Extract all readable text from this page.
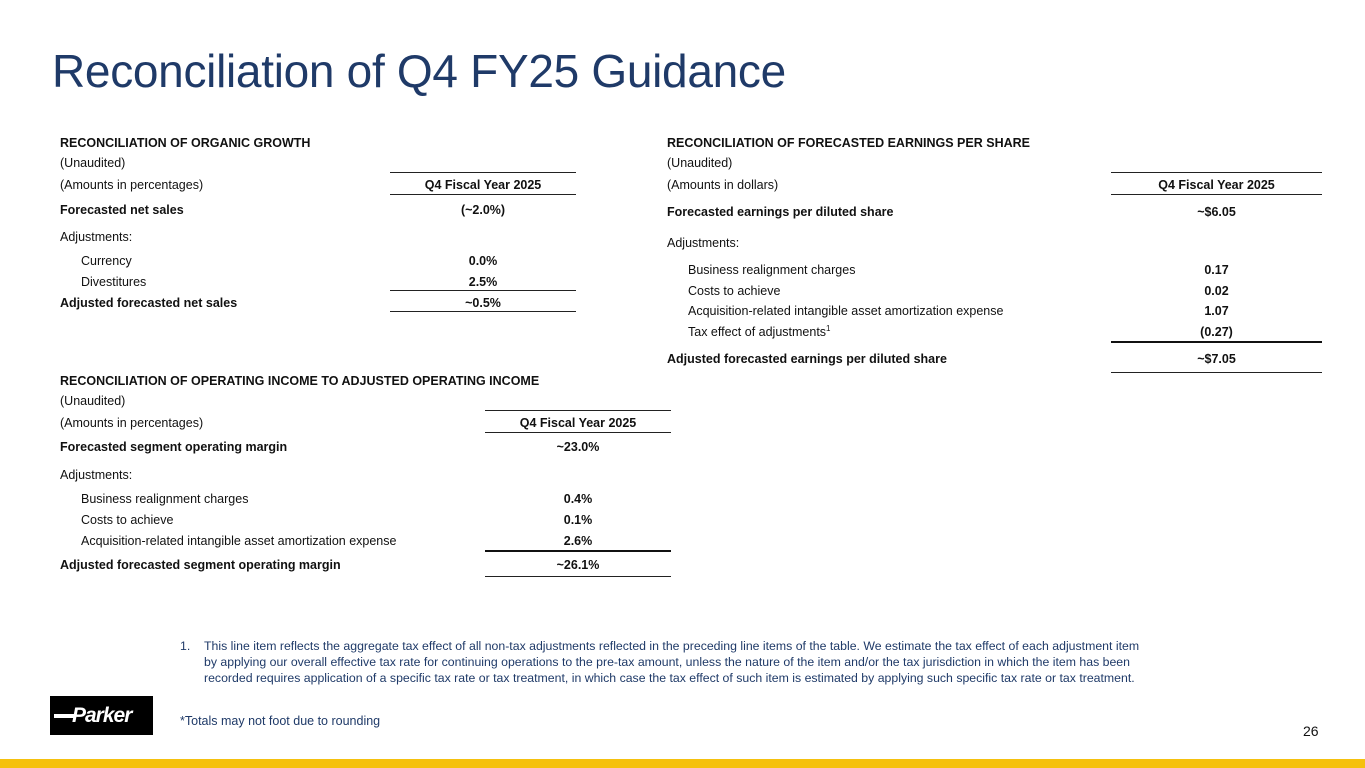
Reconciliation of Q4 FY25 Guidance
RECONCILIATION OF ORGANIC GROWTH
(Unaudited)
(Amounts in percentages)	Q4 Fiscal Year 2025
Forecasted net sales	(~2.0%)
Adjustments:
Currency	0.0%
Divestitures	2.5%
Adjusted forecasted net sales	~0.5%
RECONCILIATION OF OPERATING INCOME TO ADJUSTED OPERATING INCOME
(Unaudited)
(Amounts in percentages)	Q4 Fiscal Year 2025
Forecasted segment operating margin	~23.0%
Adjustments:
Business realignment charges	0.4%
Costs to achieve	0.1%
Acquisition-related intangible asset amortization expense	2.6%
Adjusted forecasted segment operating margin	~26.1%
RECONCILIATION OF FORECASTED EARNINGS PER SHARE
(Unaudited)
(Amounts in dollars)	Q4 Fiscal Year 2025
Forecasted earnings per diluted share	~$6.05
Adjustments:
Business realignment charges	0.17
Costs to achieve	0.02
Acquisition-related intangible asset amortization expense	1.07
Tax effect of adjustments$^1$	(0.27)
Adjusted forecasted earnings per diluted share	~$7.05
1.	This line item reflects the aggregate tax effect of all non-tax adjustments reflected in the preceding line items of the table. We estimate the tax effect of each adjustment item by applying our overall effective tax rate for continuing operations to the pre-tax amount, unless the nature of the item and/or the tax jurisdiction in which the item has been recorded requires application of a specific tax rate or tax treatment, in which case the tax effect of such item is estimated by applying such specific tax rate or tax treatment.
*Totals may not foot due to rounding
Parker
26
